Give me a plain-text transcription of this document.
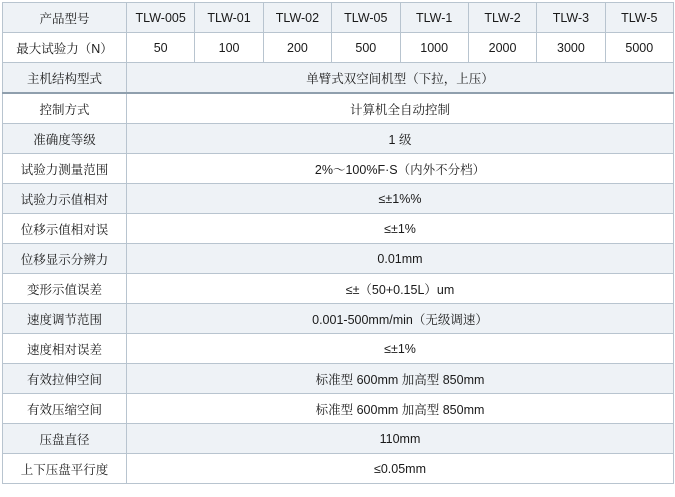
产品型号	TLW-005	TLW-01	TLW-02	TLW-05	TLW-1	TLW-2	TLW-3	TLW-5
最大试验力（N）	50	100	200	500	1000	2000	3000	5000
主机结构型式	单臂式双空间机型（下拉，上压）							
控制方式	计算机全自动控制							
准确度等级	1 级							
试验力测量范围	2%～100%F·S（内外不分档）							
试验力示值相对	≤±1%%							
位移示值相对误	≤±1%							
位移显示分辨力	0.01mm							
变形示值误差	≤±（50+0.15L）um							
速度调节范围	0.001-500mm/min（无级调速）							
速度相对误差	≤±1%							
有效拉伸空间	标准型 600mm 加高型 850mm							
有效压缩空间	标准型 600mm 加高型 850mm							
压盘直径	110mm							
上下压盘平行度	≤0.05mm							
